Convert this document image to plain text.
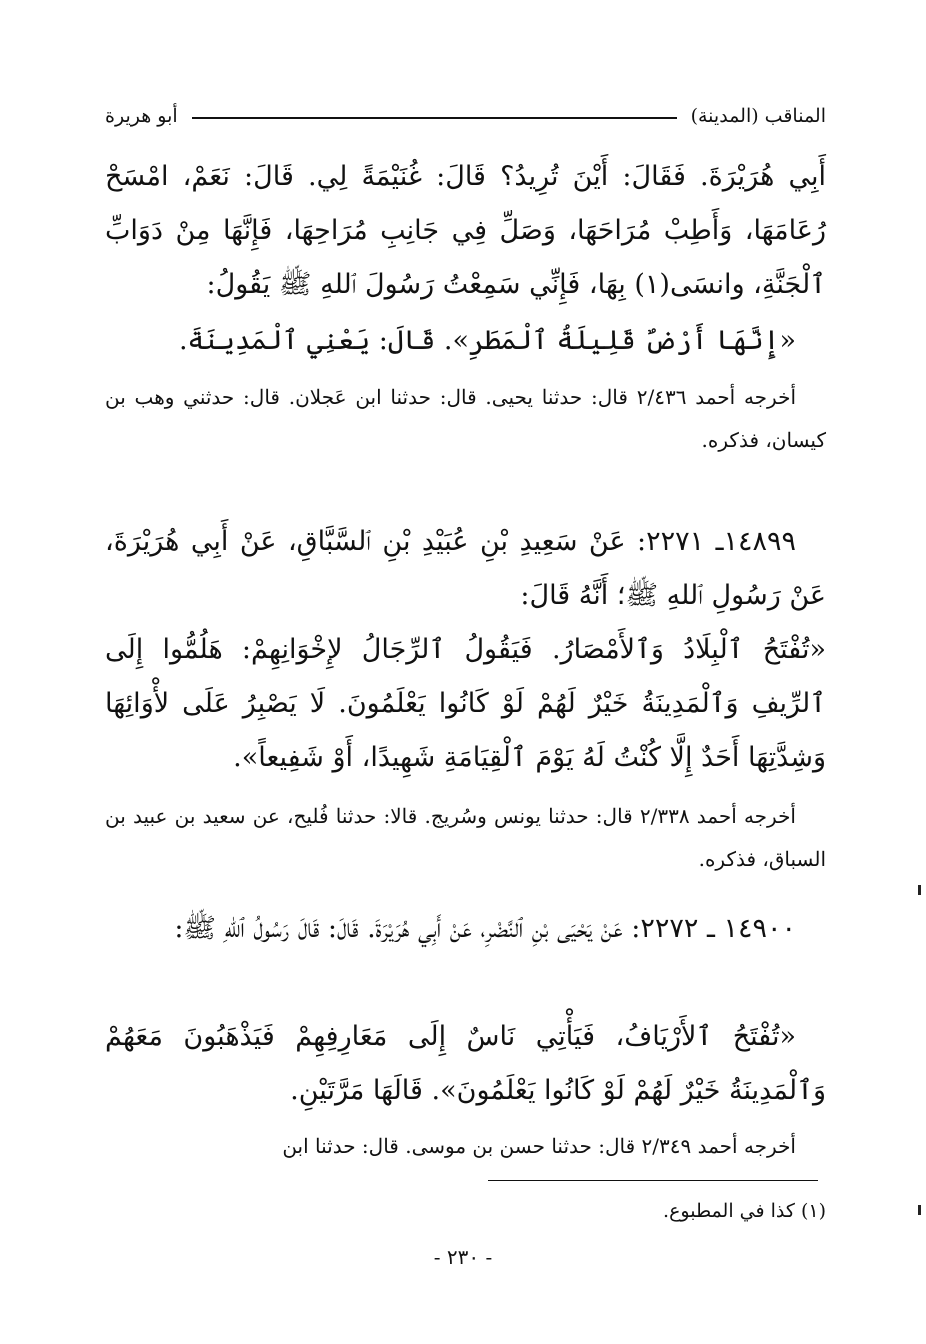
المناقب (المدينة)
أبو هريرة

أَبِي هُرَيْرَةَ. فَقَالَ: أَيْنَ تُرِيدُ؟ قَالَ: غُنَيْمَةً لِي. قَالَ: نَعَمْ، امْسَحْ رُعَامَهَا، وَأَطِبْ مُرَاحَهَا، وَصَلِّ فِي جَانِبِ مُرَاحِهَا، فَإِنَّهَا مِنْ دَوَابِّ ٱلْجَنَّةِ، وانسَى(١) بِهَا، فَإِنِّي سَمِعْتُ رَسُولَ ٱللهِ ﷺ يَقُولُ:

«إِنَّهَا أَرْضٌ قَلِيلَةُ ٱلْمَطَرِ». قَالَ: يَعْنِي ٱلْمَدِينَةَ.

أخرجه أحمد ٢/٤٣٦ قال: حدثنا يحيى. قال: حدثنا ابن عَجلان. قال: حدثني وهب بن كيسان، فذكره.

١٤٨٩٩ـ ٢٢٧١: عَنْ سَعِيدِ بْنِ عُبَيْدِ بْنِ ٱلسَّبَّاقِ، عَنْ أَبِي هُرَيْرَةَ، عَنْ رَسُولِ ٱللهِ ﷺ؛ أَنَّهُ قَالَ:

«تُفْتَحُ ٱلْبِلَادُ وَٱلأَمْصَارُ. فَيَقُولُ ٱلرِّجَالُ لإِخْوَانِهِمْ: هَلُمُّوا إِلَى ٱلرِّيفِ وَٱلْمَدِينَةُ خَيْرٌ لَهُمْ لَوْ كَانُوا يَعْلَمُونَ. لَا يَصْبِرُ عَلَى لأْوَائِهَا وَشِدَّتِهَا أَحَدٌ إِلَّا كُنْتُ لَهُ يَوْمَ ٱلْقِيَامَةِ شَهِيدًا، أَوْ شَفِيعاً».

أخرجه أحمد ٢/٣٣٨ قال: حدثنا يونس وسُريج. قالا: حدثنا فُليح، عن سعيد بن عبيد بن السباق، فذكره.

١٤٩٠٠ ـ ٢٢٧٢: عَنْ يَحْيَى بْنِ ٱلنَّضْرِ، عَنْ أَبِي هُرَيْرَةَ. قَالَ: قَالَ رَسُولُ ٱللهِ ﷺ:

«تُفْتَحُ ٱلأَرْيَافُ، فَيَأْتِي نَاسٌ إِلَى مَعَارِفِهِمْ فَيَذْهَبُونَ مَعَهُمْ وَٱلْمَدِينَةُ خَيْرٌ لَهُمْ لَوْ كَانُوا يَعْلَمُونَ». قَالَهَا مَرَّتَيْنِ.

أخرجه أحمد ٢/٣٤٩ قال: حدثنا حسن بن موسى. قال: حدثنا ابن

(١) كذا في المطبوع.
- ٢٣٠ -
